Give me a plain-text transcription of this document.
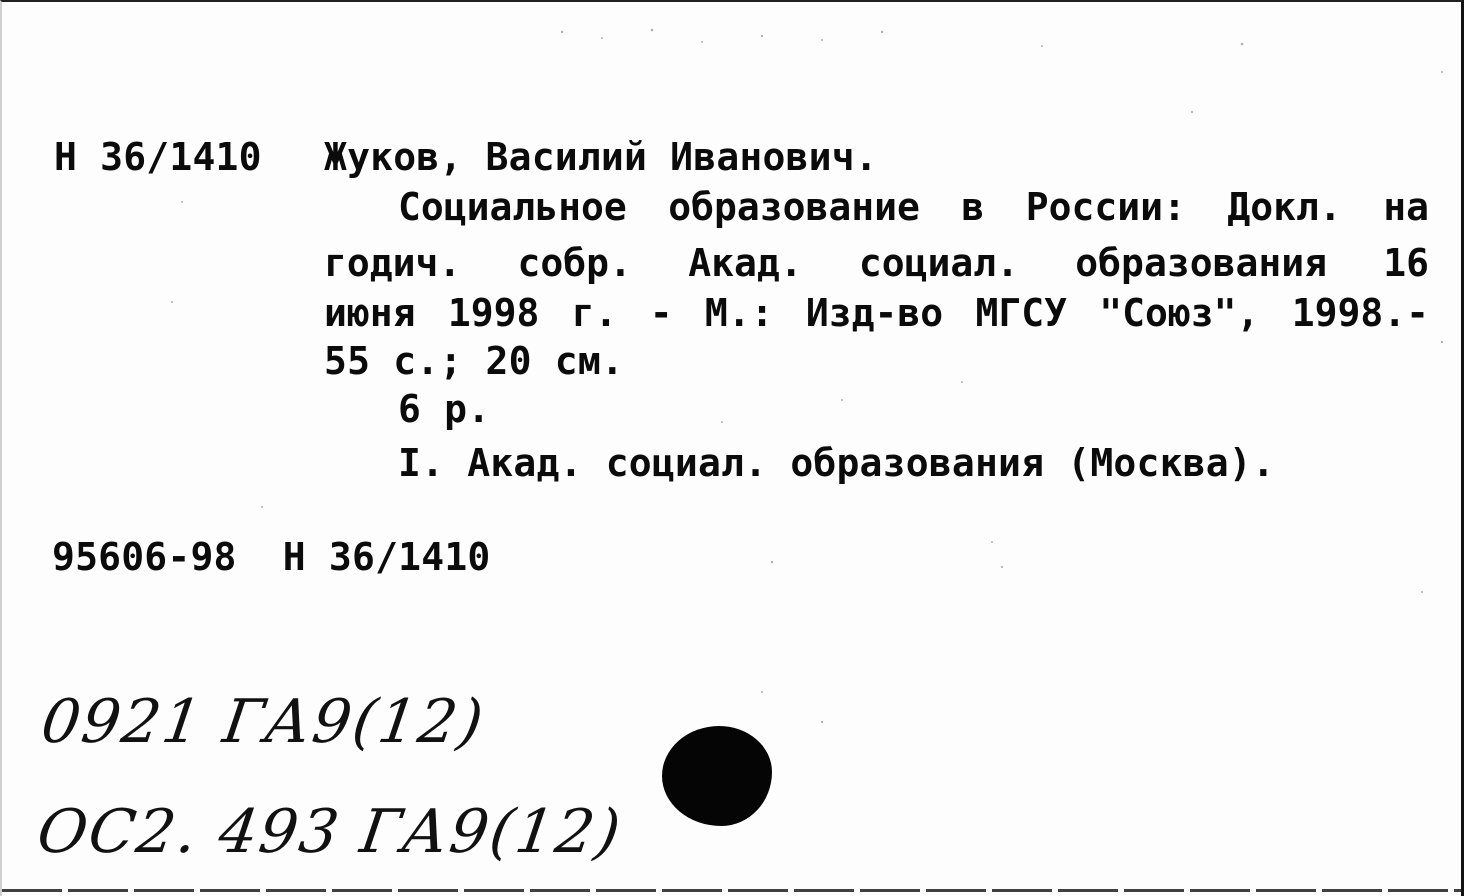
Н 36/1410 Жуков, Василий Иванович.
Социальное образование в России: Докл. на
годич. собр. Акад. социал. образования 16
июня 1998 г. - М.: Изд-во МГСУ "Союз", 1998.-
55 с.; 20 см.
6 р.
I. Акад. социал. образования (Москва).
95606-98  Н 36/1410
0921 ГА9(12)
ОС2. 493 ГА9(12)
